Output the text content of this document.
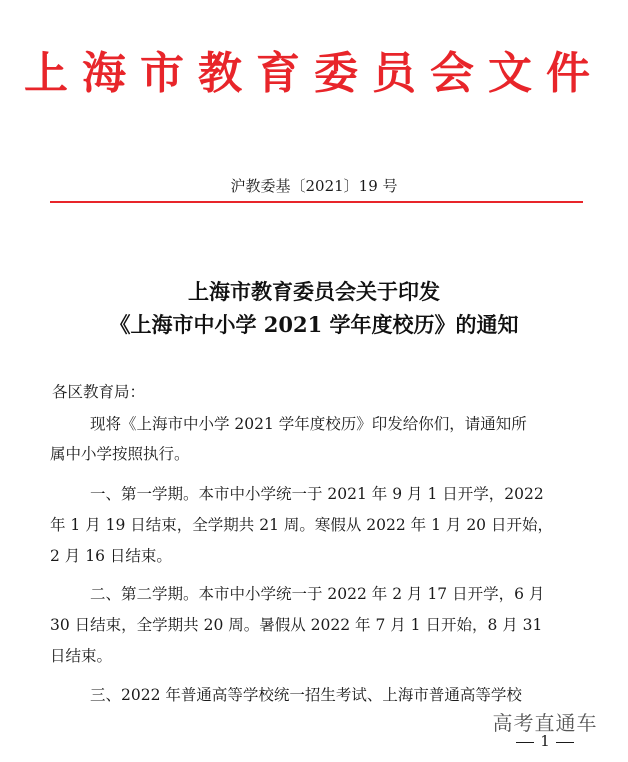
上海市教育委员会文件
沪教委基〔2021〕19 号
上海市教育委员会关于印发
《上海市中小学 2021 学年度校历》的通知
各区教育局：
现将《上海市中小学 2021 学年度校历》印发给你们，请通知所
属中小学按照执行。
一、第一学期。本市中小学统一于 2021 年 9 月 1 日开学，2022
年 1 月 19 日结束，全学期共 21 周。寒假从 2022 年 1 月 20 日开始，
2 月 16 日结束。
二、第二学期。本市中小学统一于 2022 年 2 月 17 日开学，6 月
30 日结束，全学期共 20 周。暑假从 2022 年 7 月 1 日开始，8 月 31
日结束。
三、2022 年普通高等学校统一招生考试、上海市普通高等学校
高考直通车
1
